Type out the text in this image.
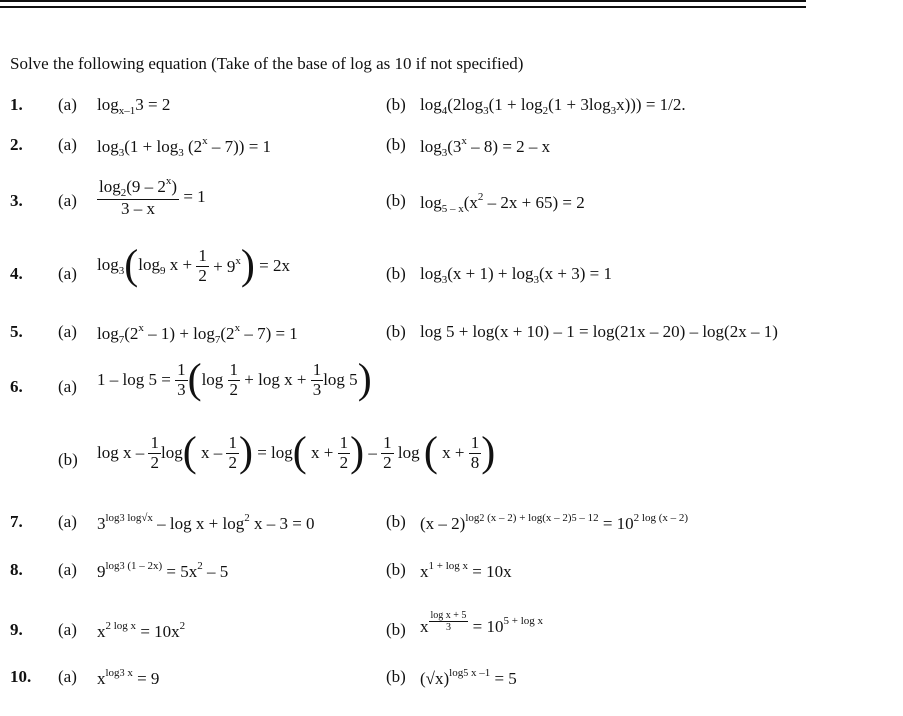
Solve the following equation (Take of the base of log as 10 if not specified)
1. (a) $\log_{x-1}3 = 2$	(b) $\log_4(2\log_3(1 + \log_2(1 + 3\log_3x))) = 1/2$.
2. (a) $\log_3(1 + \log_3 (2^x - 7)) = 1$	(b) $\log_3(3^x - 8) = 2 - x$
3. $(a) \frac{\log_2(9 - 2^x)}{3 - x} = 1$	(b) $\log_{5 - x}(x^2 - 2x + 65) = 2$
4. (a) $\log_3(\log_9$ $x + \frac{1}{2} + 9^x) = 2x$	(b) $\log_3(x + 1) + \log_3(x + 3) = 1$
5. (a) $\log_7(2^x - 1) + \log_7(2^x - 7) = 1$	(b) log 5 + log(x + 10) – 1 = log(21x – 20) – log(2x – 1)
6. (a) $1 - \log 5 = \frac{1}{3} (\log \frac{1}{2} + \log x + \frac{1}{3}$ log 5)
(b) log x – $\frac{1}{2} \log$( x – $\frac{1}{2}$ ) = log( $x + \frac{1}{2}$ ) – $\frac{1}{2}$ log ( $x + \frac{1}{8}$ )
7. (a) $3^{log3 log√x} - \log x + \log^2 x - 3 = 0$	(b) $(x - 2)^{log2 (x - 2) + log(x - 2)5 - 12} = 10^{2 log (x - 2)}$
8. (a) $9^{log3 (1 - 2x)} = 5x^2 - 5$	(b) $x^{1 + log x} = 10x$
9. (a) $x^{2 log x} = 10x^2$	(b) x $^{\frac{\text{log x + 5}}{3}} = 10^{5 + log x}$
10. (a) $x^{log3 x} = 9$	(b) $(√x)^{log5 x -1} = 5$
